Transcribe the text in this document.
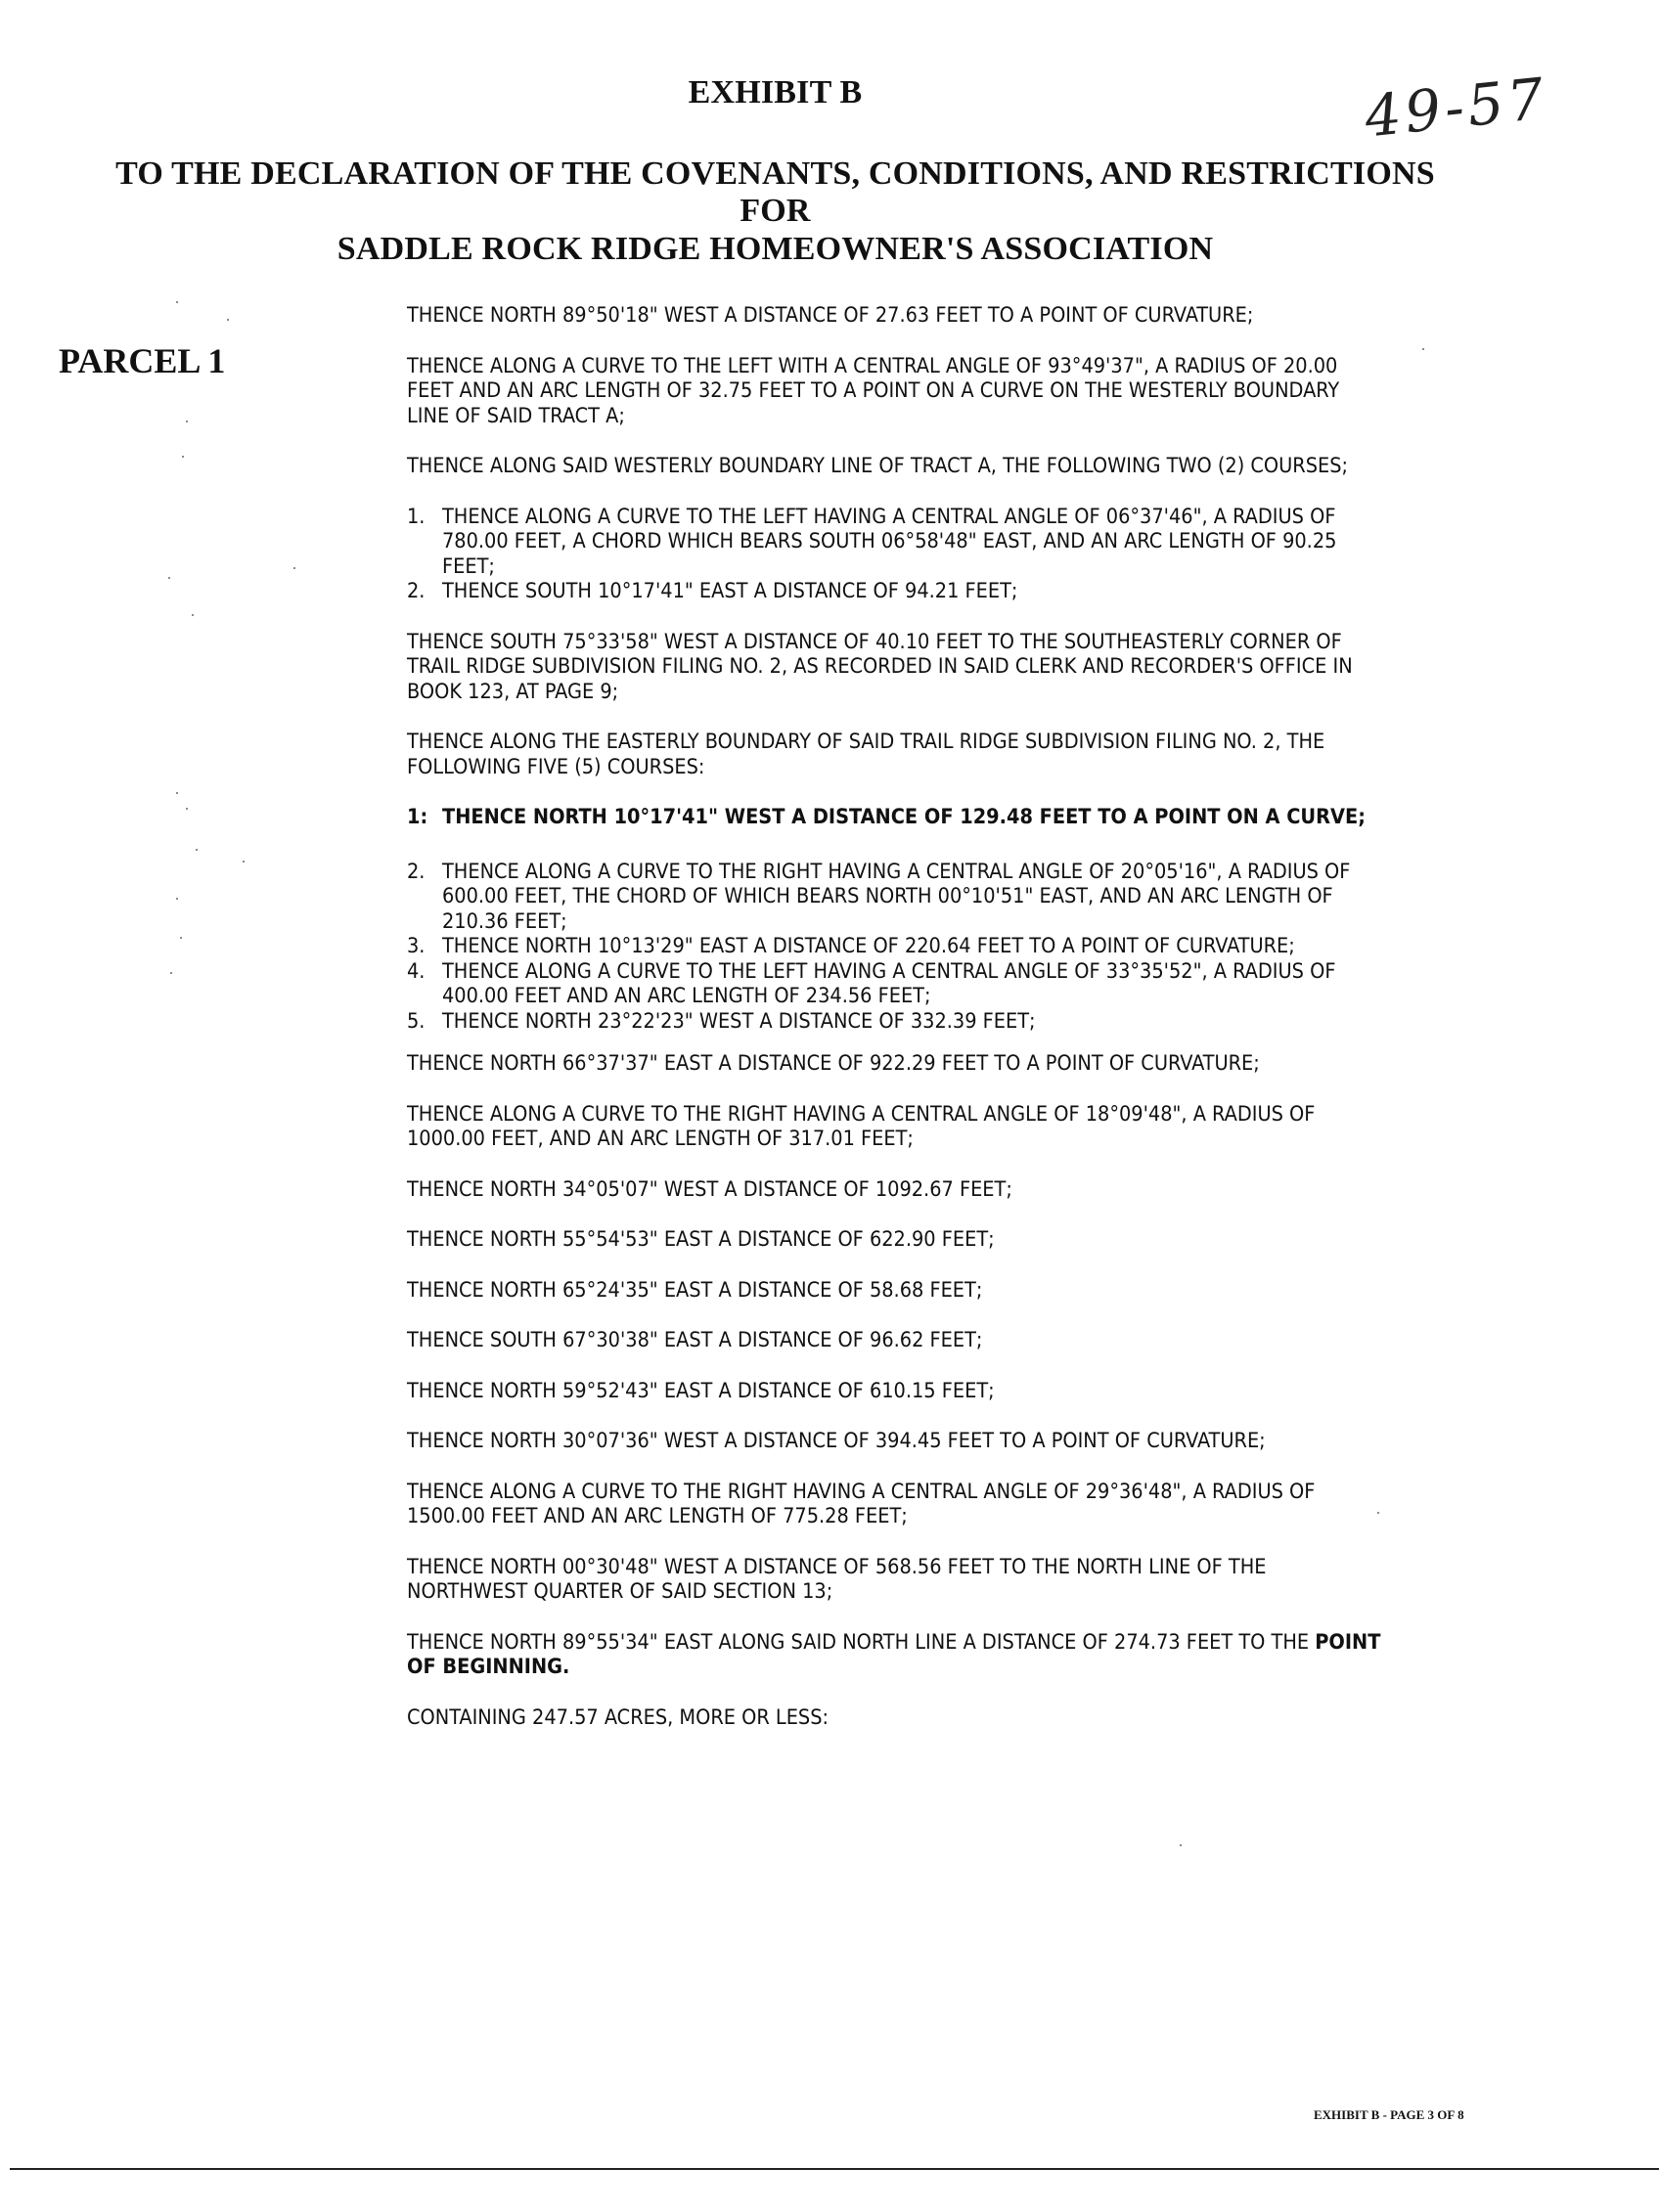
EXHIBIT B	49-57
TO THE DECLARATION OF THE COVENANTS, CONDITIONS, AND RESTRICTIONS
FOR
SADDLE ROCK RIDGE HOMEOWNER'S ASSOCIATION
PARCEL 1

THENCE NORTH 89°50'18" WEST A DISTANCE OF 27.63 FEET TO A POINT OF CURVATURE;

THENCE ALONG A CURVE TO THE LEFT WITH A CENTRAL ANGLE OF 93°49'37", A RADIUS OF 20.00 FEET AND AN ARC LENGTH OF 32.75 FEET TO A POINT ON A CURVE ON THE WESTERLY BOUNDARY LINE OF SAID TRACT A;

THENCE ALONG SAID WESTERLY BOUNDARY LINE OF TRACT A, THE FOLLOWING TWO (2) COURSES;

1. THENCE ALONG A CURVE TO THE LEFT HAVING A CENTRAL ANGLE OF 06°37'46", A RADIUS OF 780.00 FEET, A CHORD WHICH BEARS SOUTH 06°58'48" EAST, AND AN ARC LENGTH OF 90.25 FEET;
2. THENCE SOUTH 10°17'41" EAST A DISTANCE OF 94.21 FEET;

THENCE SOUTH 75°33'58" WEST A DISTANCE OF 40.10 FEET TO THE SOUTHEASTERLY CORNER OF TRAIL RIDGE SUBDIVISION FILING NO. 2, AS RECORDED IN SAID CLERK AND RECORDER'S OFFICE IN BOOK 123, AT PAGE 9;

THENCE ALONG THE EASTERLY BOUNDARY OF SAID TRAIL RIDGE SUBDIVISION FILING NO. 2, THE FOLLOWING FIVE (5) COURSES:

1: THENCE NORTH 10°17'41" WEST A DISTANCE OF 129.48 FEET TO A POINT ON A CURVE;
2. THENCE ALONG A CURVE TO THE RIGHT HAVING A CENTRAL ANGLE OF 20°05'16", A RADIUS OF 600.00 FEET, THE CHORD OF WHICH BEARS NORTH 00°10'51" EAST, AND AN ARC LENGTH OF 210.36 FEET;
3. THENCE NORTH 10°13'29" EAST A DISTANCE OF 220.64 FEET TO A POINT OF CURVATURE;
4. THENCE ALONG A CURVE TO THE LEFT HAVING A CENTRAL ANGLE OF 33°35'52", A RADIUS OF 400.00 FEET AND AN ARC LENGTH OF 234.56 FEET;
5. THENCE NORTH 23°22'23" WEST A DISTANCE OF 332.39 FEET;

THENCE NORTH 66°37'37" EAST A DISTANCE OF 922.29 FEET TO A POINT OF CURVATURE;

THENCE ALONG A CURVE TO THE RIGHT HAVING A CENTRAL ANGLE OF 18°09'48", A RADIUS OF 1000.00 FEET, AND AN ARC LENGTH OF 317.01 FEET;

THENCE NORTH 34°05'07" WEST A DISTANCE OF 1092.67 FEET;

THENCE NORTH 55°54'53" EAST A DISTANCE OF 622.90 FEET;

THENCE NORTH 65°24'35" EAST A DISTANCE OF 58.68 FEET;

THENCE SOUTH 67°30'38" EAST A DISTANCE OF 96.62 FEET;

THENCE NORTH 59°52'43" EAST A DISTANCE OF 610.15 FEET;

THENCE NORTH 30°07'36" WEST A DISTANCE OF 394.45 FEET TO A POINT OF CURVATURE;

THENCE ALONG A CURVE TO THE RIGHT HAVING A CENTRAL ANGLE OF 29°36'48", A RADIUS OF 1500.00 FEET AND AN ARC LENGTH OF 775.28 FEET;

THENCE NORTH 00°30'48" WEST A DISTANCE OF 568.56 FEET TO THE NORTH LINE OF THE NORTHWEST QUARTER OF SAID SECTION 13;

THENCE NORTH 89°55'34" EAST ALONG SAID NORTH LINE A DISTANCE OF 274.73 FEET TO THE POINT OF BEGINNING.

CONTAINING 247.57 ACRES, MORE OR LESS:

EXHIBIT B - PAGE 3 OF 8
